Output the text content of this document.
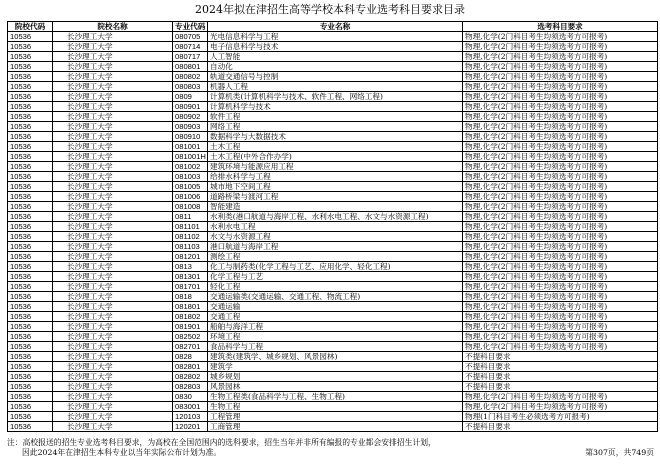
2024年拟在津招生高等学校本科专业选考科目要求目录
院校代码	院校名称	专业代码	专业名称	选考科目要求
10536	长沙理工大学	080705	光电信息科学与工程	物理,化学(2门科目考生均须选考方可报考)
10536	长沙理工大学	080714	电子信息科学与技术	物理,化学(2门科目考生均须选考方可报考)
10536	长沙理工大学	080717	人工智能	物理,化学(2门科目考生均须选考方可报考)
10536	长沙理工大学	080801	自动化	物理,化学(2门科目考生均须选考方可报考)
10536	长沙理工大学	080802	轨道交通信号与控制	物理,化学(2门科目考生均须选考方可报考)
10536	长沙理工大学	080803	机器人工程	物理,化学(2门科目考生均须选考方可报考)
10536	长沙理工大学	0809	计算机类(计算机科学与技术、软件工程、网络工程)	物理,化学(2门科目考生均须选考方可报考)
10536	长沙理工大学	080901	计算机科学与技术	物理,化学(2门科目考生均须选考方可报考)
10536	长沙理工大学	080902	软件工程	物理,化学(2门科目考生均须选考方可报考)
10536	长沙理工大学	080903	网络工程	物理,化学(2门科目考生均须选考方可报考)
10536	长沙理工大学	080910	数据科学与大数据技术	物理,化学(2门科目考生均须选考方可报考)
10536	长沙理工大学	081001	土木工程	物理,化学(2门科目考生均须选考方可报考)
10536	长沙理工大学	081001H	土木工程(中外合作办学)	物理,化学(2门科目考生均须选考方可报考)
10536	长沙理工大学	081002	建筑环境与能源应用工程	物理,化学(2门科目考生均须选考方可报考)
10536	长沙理工大学	081003	给排水科学与工程	物理,化学(2门科目考生均须选考方可报考)
10536	长沙理工大学	081005	城市地下空间工程	物理,化学(2门科目考生均须选考方可报考)
10536	长沙理工大学	081006	道路桥梁与渡河工程	物理,化学(2门科目考生均须选考方可报考)
10536	长沙理工大学	081008	智能建造	物理,化学(2门科目考生均须选考方可报考)
10536	长沙理工大学	0811	水利类(港口航道与海岸工程、水利水电工程、水文与水资源工程)	物理,化学(2门科目考生均须选考方可报考)
10536	长沙理工大学	081101	水利水电工程	物理,化学(2门科目考生均须选考方可报考)
10536	长沙理工大学	081102	水文与水资源工程	物理,化学(2门科目考生均须选考方可报考)
10536	长沙理工大学	081103	港口航道与海岸工程	物理,化学(2门科目考生均须选考方可报考)
10536	长沙理工大学	081201	测绘工程	物理,化学(2门科目考生均须选考方可报考)
10536	长沙理工大学	0813	化工与制药类(化学工程与工艺、应用化学、轻化工程)	物理,化学(2门科目考生均须选考方可报考)
10536	长沙理工大学	081301	化学工程与工艺	物理,化学(2门科目考生均须选考方可报考)
10536	长沙理工大学	081701	轻化工程	物理,化学(2门科目考生均须选考方可报考)
10536	长沙理工大学	0818	交通运输类(交通运输、交通工程、物流工程)	物理,化学(2门科目考生均须选考方可报考)
10536	长沙理工大学	081801	交通运输	物理,化学(2门科目考生均须选考方可报考)
10536	长沙理工大学	081802	交通工程	物理,化学(2门科目考生均须选考方可报考)
10536	长沙理工大学	081901	船舶与海洋工程	物理,化学(2门科目考生均须选考方可报考)
10536	长沙理工大学	082502	环境工程	物理,化学(2门科目考生均须选考方可报考)
10536	长沙理工大学	082701	食品科学与工程	物理,化学(2门科目考生均须选考方可报考)
10536	长沙理工大学	0828	建筑类(建筑学、城乡规划、风景园林)	不提科目要求
10536	长沙理工大学	082801	建筑学	不提科目要求
10536	长沙理工大学	082802	城乡规划	不提科目要求
10536	长沙理工大学	082803	风景园林	不提科目要求
10536	长沙理工大学	0830	生物工程类(食品科学与工程、生物工程)	物理,化学(2门科目考生均须选考方可报考)
10536	长沙理工大学	083001	生物工程	物理,化学(2门科目考生均须选考方可报考)
10536	长沙理工大学	120103	工程管理	物理(1门科目考生必须选考方可报考)
10536	长沙理工大学	120201	工商管理	不提科目要求
注：高校报送的招生专业选考科目要求，为高校在全国范围内的选科要求，招生当年并非所有编报的专业都会安排招生计划，
因此2024年在津招生本科专业以当年实际公布计划为准。	第307页，共749页
